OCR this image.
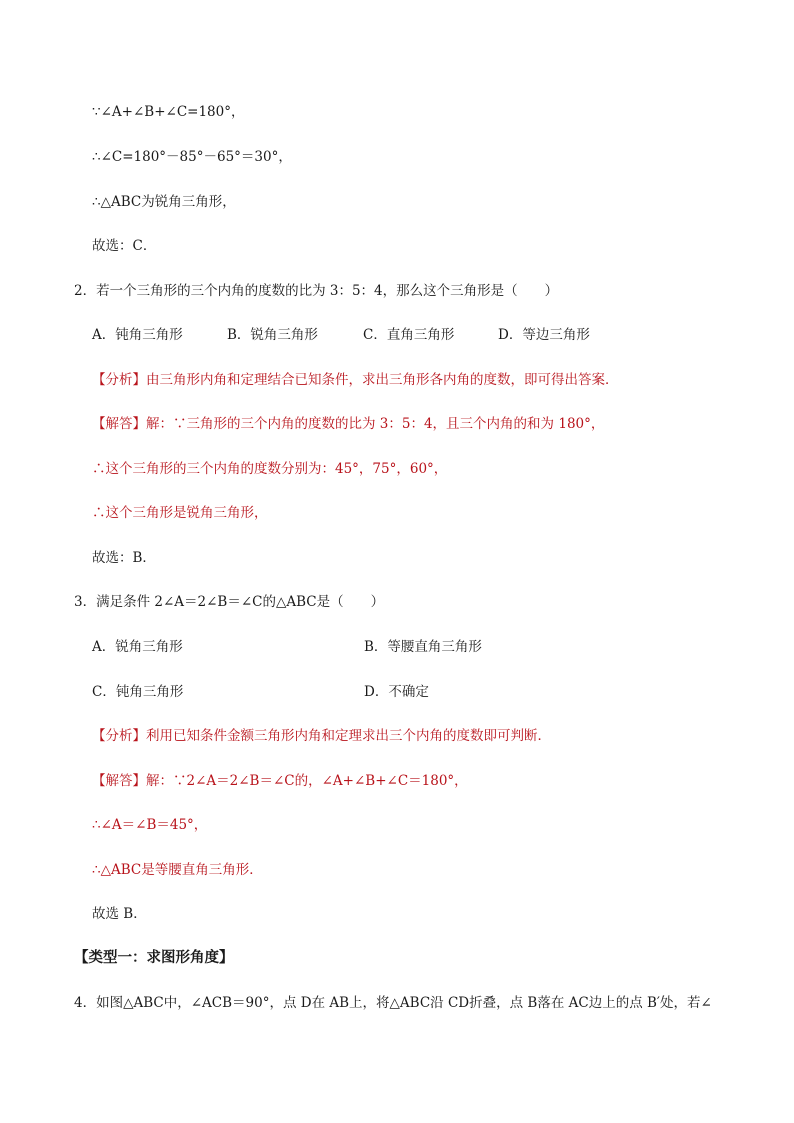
∵∠A+∠B+∠C=180°，
∴∠C=180°－85°－65°＝30°，
∴△ABC为锐角三角形，
故选：C．
2．若一个三角形的三个内角的度数的比为 3：5：4，那么这个三角形是（　　）
A．钝角三角形	B．锐角三角形	C．直角三角形	D．等边三角形
【分析】由三角形内角和定理结合已知条件，求出三角形各内角的度数，即可得出答案．
【解答】解：∵三角形的三个内角的度数的比为 3：5：4，且三个内角的和为 180°，
∴这个三角形的三个内角的度数分别为：45°，75°，60°，
∴这个三角形是锐角三角形，
故选：B．
3．满足条件 2∠A＝2∠B＝∠C的△ABC是（　　）
A．锐角三角形	B．等腰直角三角形
C．钝角三角形	D．不确定
【分析】利用已知条件金额三角形内角和定理求出三个内角的度数即可判断．
【解答】解：∵2∠A＝2∠B＝∠C的，∠A+∠B+∠C＝180°，
∴∠A＝∠B＝45°，
∴△ABC是等腰直角三角形．
故选 B．
【类型一：求图形角度】
4．如图△ABC中，∠ACB＝90°，点 D在 AB上，将△ABC沿 CD折叠，点 B落在 AC边上的点 B′处，若∠
